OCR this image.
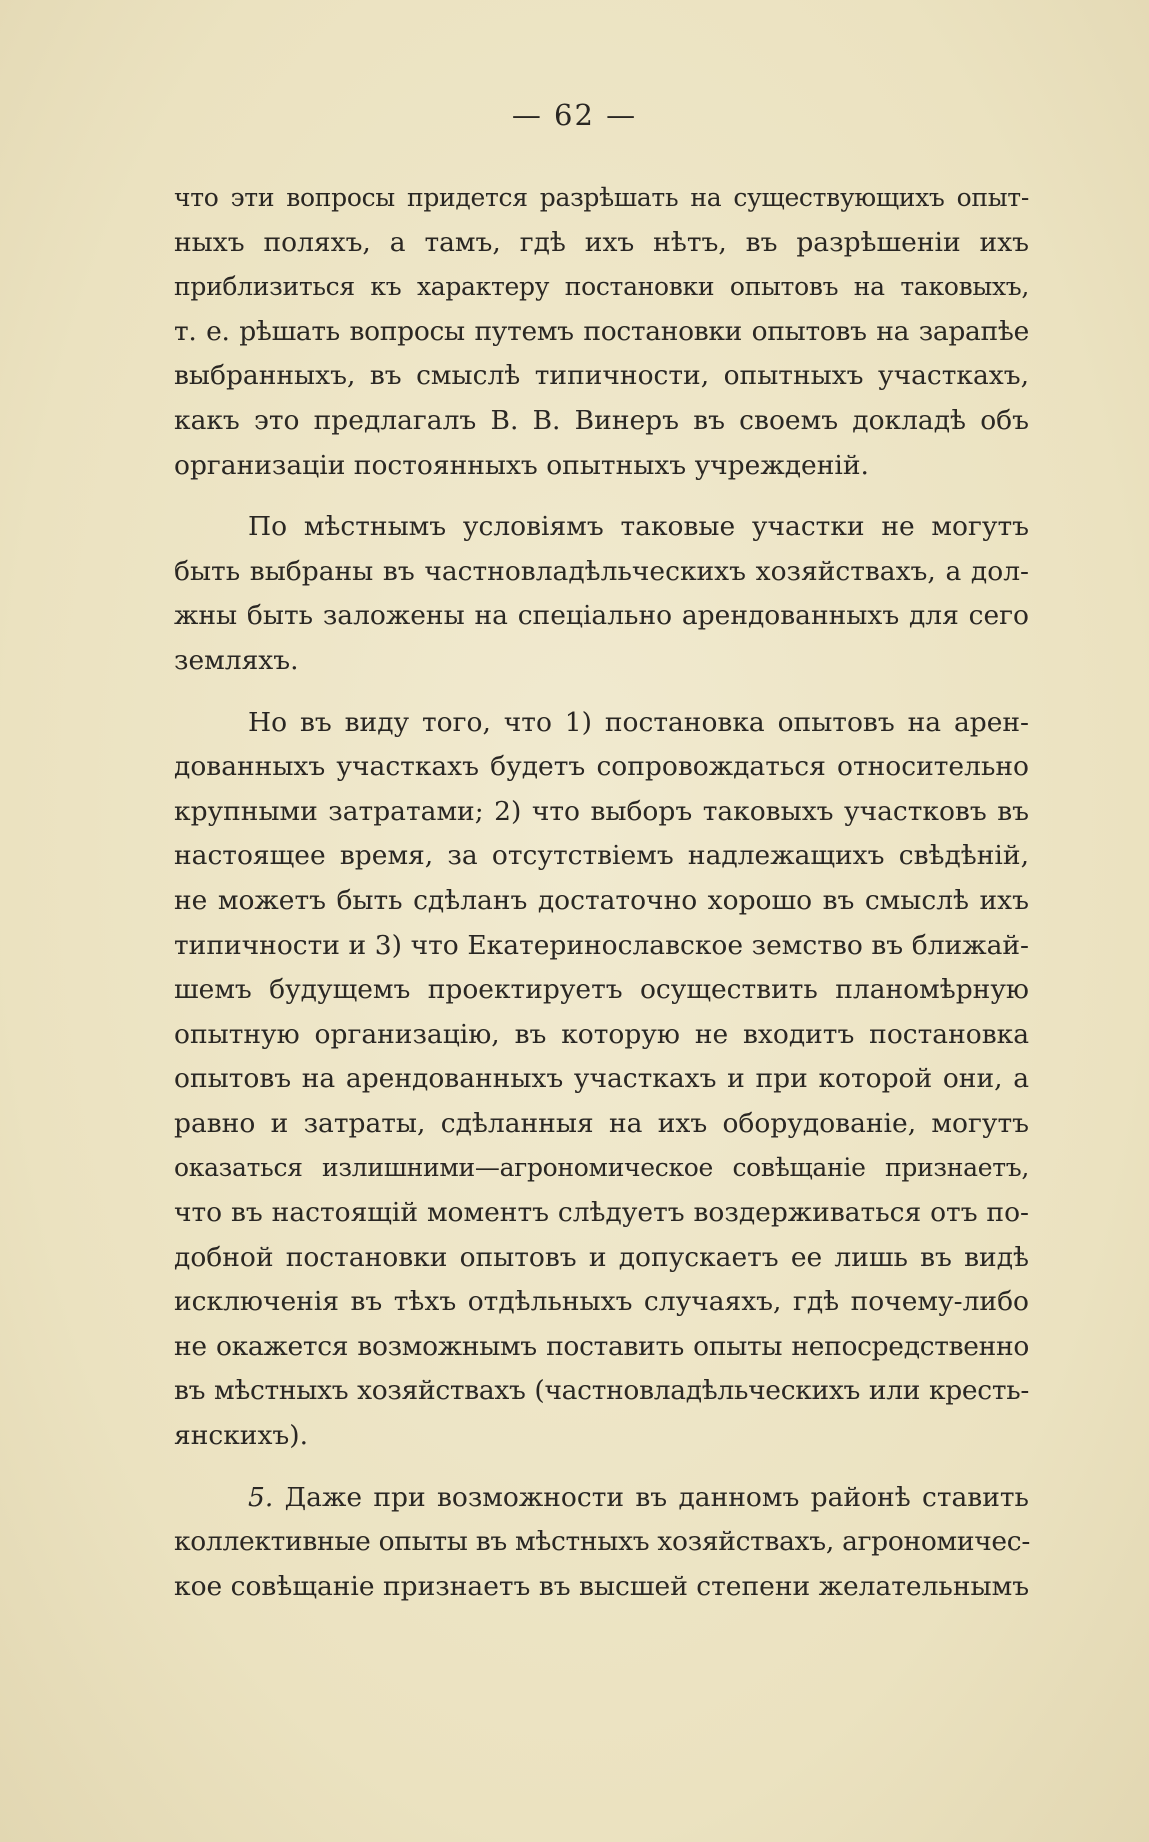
— 62 —
что эти вопросы придется разрѣшать на существующихъ опыт-
ныхъ поляхъ, а тамъ, гдѣ ихъ нѣтъ, въ разрѣшеніи ихъ
приблизиться къ характеру постановки опытовъ на таковыхъ,
т. е. рѣшать вопросы путемъ постановки опытовъ на зарапѣе
выбранныхъ, въ смыслѣ типичности, опытныхъ участкахъ,
какъ это предлагалъ В. В. Винеръ въ своемъ докладѣ объ
организаціи постоянныхъ опытныхъ учрежденій.
По мѣстнымъ условіямъ таковые участки не могутъ
быть выбраны въ частновладѣльческихъ хозяйствахъ, а дол-
жны быть заложены на спеціально арендованныхъ для сего
земляхъ.
Но въ виду того, что 1) постановка опытовъ на арен-
дованныхъ участкахъ будетъ сопровождаться относительно
крупными затратами; 2) что выборъ таковыхъ участковъ въ
настоящее время, за отсутствіемъ надлежащихъ свѣдѣній,
не можетъ быть сдѣланъ достаточно хорошо въ смыслѣ ихъ
типичности и 3) что Екатеринославское земство въ ближай-
шемъ будущемъ проектируетъ осуществить планомѣрную
опытную организацію, въ которую не входитъ постановка
опытовъ на арендованныхъ участкахъ и при которой они, а
равно и затраты, сдѣланныя на ихъ оборудованіе, могутъ
оказаться излишними—агрономическое совѣщаніе признаетъ,
что въ настоящій моментъ слѣдуетъ воздерживаться отъ по-
добной постановки опытовъ и допускаетъ ее лишь въ видѣ
исключенія въ тѣхъ отдѣльныхъ случаяхъ, гдѣ почему-либо
не окажется возможнымъ поставить опыты непосредственно
въ мѣстныхъ хозяйствахъ (частновладѣльческихъ или кресть-
янскихъ).
5. Даже при возможности въ данномъ районѣ ставить
коллективные опыты въ мѣстныхъ хозяйствахъ, агрономичес-
кое совѣщаніе признаетъ въ высшей степени желательнымъ
